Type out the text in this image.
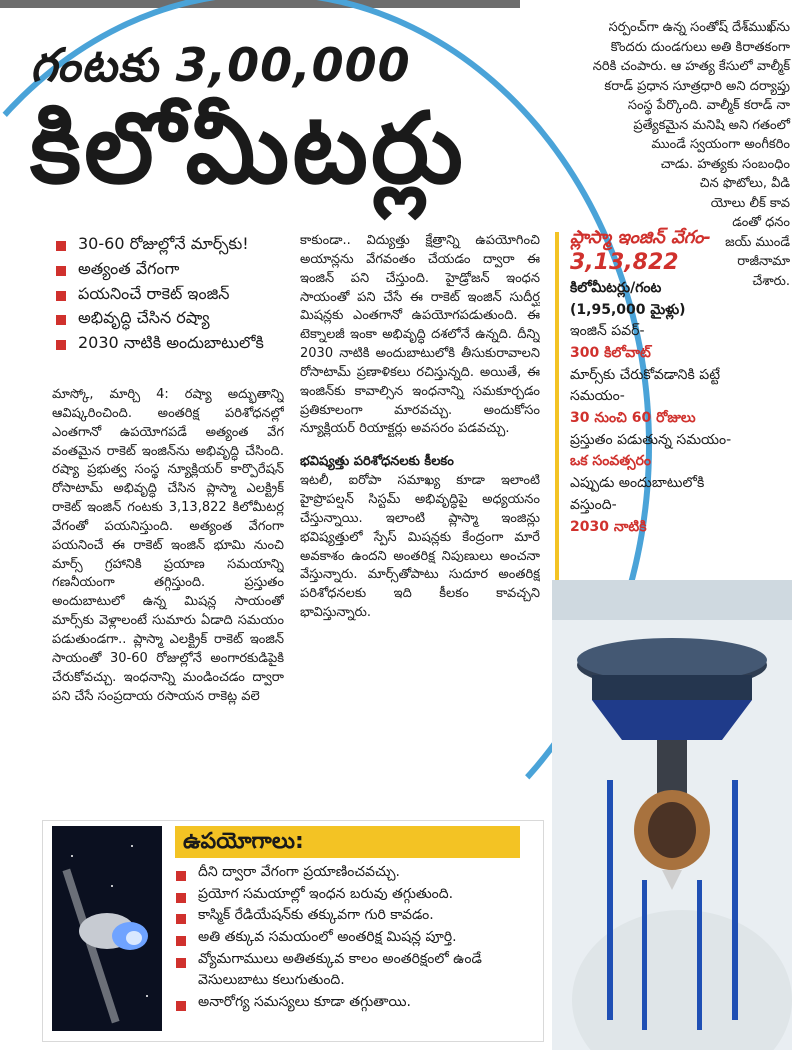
గంటకు 3,00,000
కిలోమీటర్లు
30-60 రోజుల్లోనే మార్స్‌కు!
అత్యంత వేగంగా
పయనించే రాకెట్ ఇంజిన్
అభివృద్ధి చేసిన రష్యా
2030 నాటికి అందుబాటులోకి

సర్పంచ్‌గా ఉన్న సంతోష్ దేశ్‌ముఖ్‌ను

కొందరు దుండగులు అతి కిరాతకంగా

నరికి చంపారు. ఆ హత్య కేసులో వాల్మీక్

కరాడ్ ప్రధాన సూత్రధారి అని దర్యాప్తు

సంస్థ పేర్కొంది. వాల్మీక్ కరాడ్ నా

ప్రత్యేకమైన మనిషి అని గతంలో

ముండే స్వయంగా అంగీకరిం

చాడు. హత్యకు సంబంధిం

చిన ఫొటోలు, వీడి

యోలు లీక్ కావ

డంతో ధనం

జయ్ ముండే

రాజీనామా

చేశారు.

ప్లాస్మా ఇంజిన్ వేగం-
3,13,822
కిలోమీటర్లు/గంట
(1,95,000 మైళ్లు)
ఇంజిన్ పవర్-
300 కిలోవాట్
మార్స్‌కు చేరుకోవడానికి పట్టే సమయం-
30 నుంచి 60 రోజులు
ప్రస్తుతం పడుతున్న సమయం-
ఒక సంవత్సరం
ఎప్పుడు అందుబాటులోకి వస్తుంది-
2030 నాటికి

మాస్కో, మార్చి 4: రష్యా అద్భుతాన్ని ఆవిష్కరించింది. అంతరిక్ష పరిశోధనల్లో ఎంతగానో ఉపయోగపడే అత్యంత వేగ వంతమైన రాకెట్ ఇంజిన్‌ను అభివృద్ధి చేసింది. రష్యా ప్రభుత్వ సంస్థ న్యూక్లియర్ కార్పొరేషన్ రోసాటామ్ అభివృద్ధి చేసిన ప్లాస్మా ఎలక్ట్రిక్ రాకెట్ ఇంజిన్ గంటకు 3,13,822 కిలోమీటర్ల వేగంతో పయనిస్తుంది. అత్యంత వేగంగా పయనించే ఈ రాకెట్ ఇంజిన్ భూమి నుంచి మార్స్ గ్రహానికి ప్రయాణ సమయాన్ని గణనీయంగా తగ్గిస్తుంది. ప్రస్తుతం అందుబాటులో ఉన్న మిషన్ల సాయంతో మార్స్‌కు వెళ్లాలంటే సుమారు ఏడాది సమయం పడుతుండగా.. ప్లాస్మా ఎలక్ట్రిక్ రాకెట్ ఇంజిన్ సాయంతో 30-60 రోజుల్లోనే అంగారకుడిపైకి చేరుకోవచ్చు. ఇంధనాన్ని మండించడం ద్వారా పని చేసే సంప్రదాయ రసాయన రాకెట్ల వలె

కాకుండా.. విద్యుత్తు క్షేత్రాన్ని ఉపయోగించి అయాన్లను వేగవంతం చేయడం ద్వారా ఈ ఇంజిన్ పని చేస్తుంది. హైడ్రోజన్ ఇంధన సాయంతో పని చేసే ఈ రాకెట్ ఇంజిన్ సుదీర్ఘ మిషన్లకు ఎంతగానో ఉపయోగపడుతుంది. ఈ టెక్నాలజీ ఇంకా అభివృద్ధి దశలోనే ఉన్నది. దీన్ని 2030 నాటికి అందుబాటులోకి తీసుకురావాలని రోసాటామ్ ప్రణాళికలు రచిస్తున్నది. అయితే, ఈ ఇంజిన్‌కు కావాల్సిన ఇంధనాన్ని సమకూర్చడం ప్రతికూలంగా మారవచ్చు. అందుకోసం న్యూక్లియర్ రియాక్టర్లు అవసరం పడవచ్చు.

భవిష్యత్తు పరిశోధనలకు కీలకం

ఇటలీ, ఐరోపా సమాఖ్య కూడా ఇలాంటి హైప్రొపల్షన్ సిస్టమ్ అభివృద్ధిపై అధ్యయనం చేస్తున్నాయి. ఇలాంటి ప్లాస్మా ఇంజిన్లు భవిష్యత్తులో స్పేస్ మిషన్లకు కేంద్రంగా మారే అవకాశం ఉందని అంతరిక్ష నిపుణులు అంచనా వేస్తున్నారు. మార్స్‌తోపాటు సుదూర అంతరిక్ష పరిశోధనలకు ఇది కీలకం కావచ్చని భావిస్తున్నారు.

ఉపయోగాలు:
దీని ద్వారా వేగంగా ప్రయాణించవచ్చు.
ప్రయోగ సమయాల్లో ఇంధన బరువు తగ్గుతుంది.
కాస్మిక్ రేడియేషన్‌కు తక్కువగా గురి కావడం.
అతి తక్కువ సమయంలో అంతరిక్ష మిషన్ల పూర్తి.
వ్యోమగాములు అతితక్కువ కాలం అంతరిక్షంలో ఉండే వెసులుబాటు కలుగుతుంది.
అనారోగ్య సమస్యలు కూడా తగ్గుతాయి.
